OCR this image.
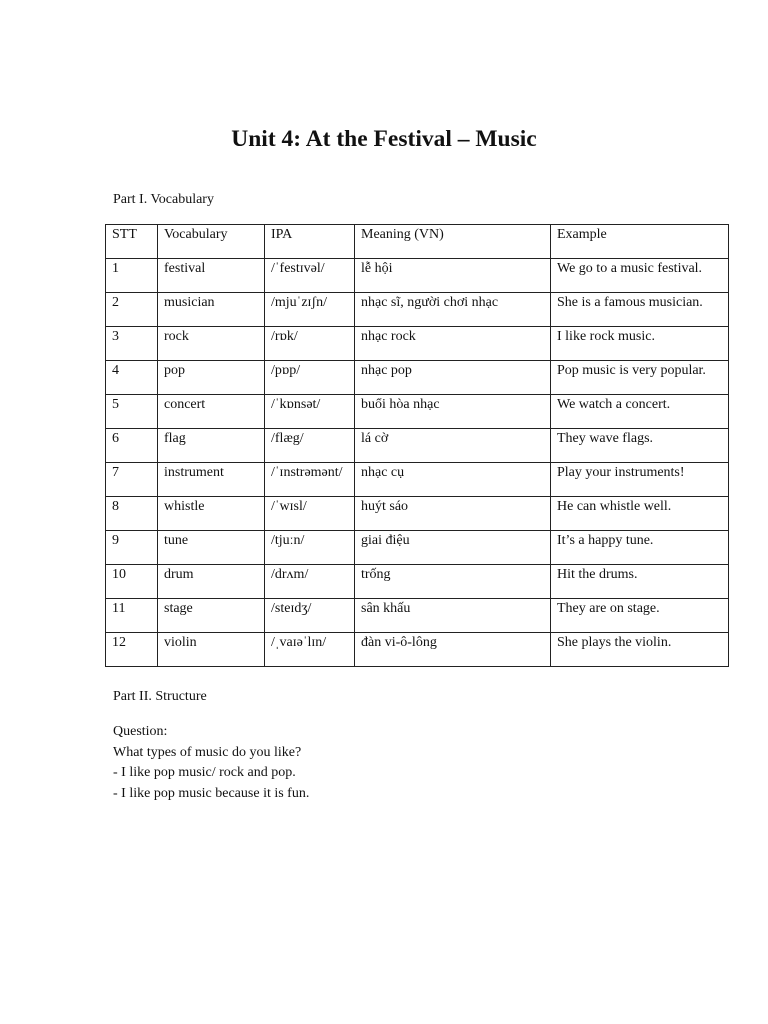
Unit 4: At the Festival – Music

Part I. Vocabulary

STT	Vocabulary	IPA	Meaning (VN)	Example

1	festival	/ˈfestɪvəl/	lễ hội	We go to a music festival.

2	musician	/mjuˈzɪʃn/	nhạc sĩ, người chơi nhạc	She is a famous musician.

3	rock	/rɒk/	nhạc rock	I like rock music.

4	pop	/pɒp/	nhạc pop	Pop music is very popular.

5	concert	/ˈkɒnsət/	buổi hòa nhạc	We watch a concert.

6	flag	/flæg/	lá cờ	They wave flags.

7	instrument	/ˈɪnstrəmənt/	nhạc cụ	Play your instruments!

8	whistle	/ˈwɪsl/	huýt sáo	He can whistle well.

9	tune	/tjuːn/	giai điệu	It’s a happy tune.

10	drum	/drʌm/	trống	Hit the drums.

11	stage	/steɪdʒ/	sân khấu	They are on stage.

12	violin	/ˌvaɪəˈlɪn/	đàn vi-ô-lông	She plays the violin.

Part II. Structure

Question:
What types of music do you like?
- I like pop music/ rock and pop.
- I like pop music because it is fun.
